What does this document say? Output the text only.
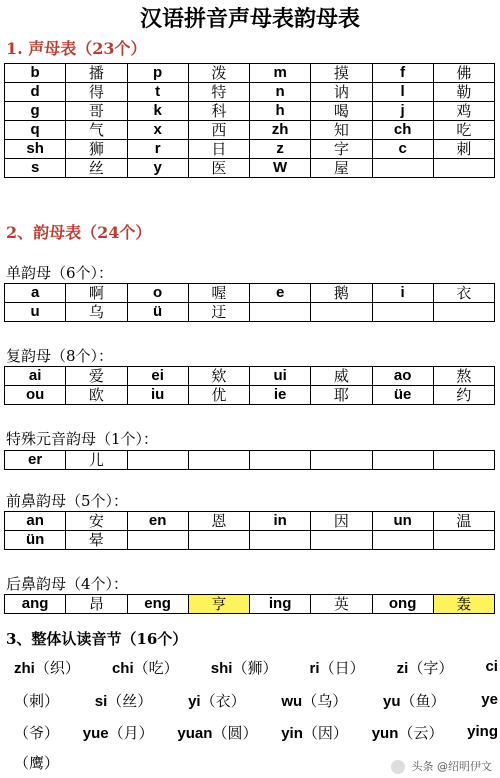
汉语拼音声母表韵母表
1. 声母表（23个）
b	播	p	泼	m	摸	f	佛
d	得	t	特	n	讷	l	勒
g	哥	k	科	h	喝	j	鸡
q	气	x	西	zh	知	ch	吃
sh	狮	r	日	z	字	c	刺
s	丝	y	医	W	屋		
2、韵母表（24个）
单韵母（6个）：
a	啊	o	喔	e	鹅	i	衣
u	乌	ü	迂				
复韵母（8个）：
ai	爱	ei	欸	ui	威	ao	熬
ou	欧	iu	优	ie	耶	üe	约
特殊元音韵母（1个）：
er	儿						
前鼻韵母（5个）：
an	安	en	恩	in	因	un	温
ün	晕						
后鼻韵母（4个）：
ang	昂	eng	亨	ing	英	ong	轰
3、整体认读音节（16个）
zhi（织） chi（吃） shi（狮） ri（日） zi（字） ci
（刺） si（丝） yi（衣） wu（乌） yu（鱼） ye
（爷） yue（月） yuan（圆） yin（因） yun（云） ying
（鹰）	头条 @绍明伊文
